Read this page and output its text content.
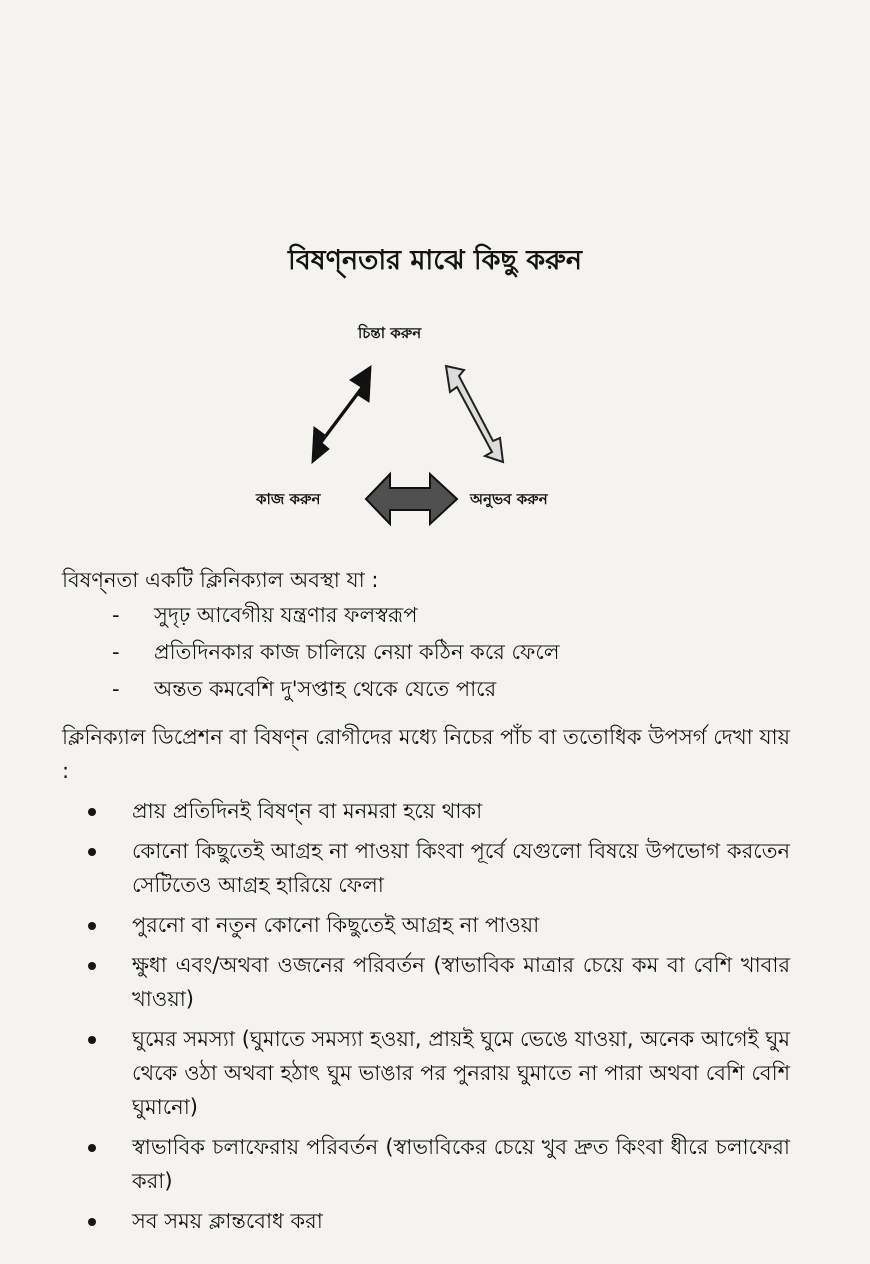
বিষণ্নতার মাঝে কিছু করুন
চিন্তা করুন
কাজ করুন	অনুভব করুন
বিষণ্নতা একটি ক্লিনিক্যাল অবস্থা যা :
- সুদৃঢ় আবেগীয় যন্ত্রণার ফলস্বরূপ
- প্রতিদিনকার কাজ চালিয়ে নেয়া কঠিন করে ফেলে
- অন্তত কমবেশি দু'সপ্তাহ থেকে যেতে পারে
ক্লিনিক্যাল ডিপ্রেশন বা বিষণ্ন রোগীদের মধ্যে নিচের পাঁচ বা ততোধিক উপসর্গ দেখা যায় :
প্রায় প্রতিদিনই বিষণ্ন বা মনমরা হয়ে থাকা
কোনো কিছুতেই আগ্রহ না পাওয়া কিংবা পূর্বে যেগুলো বিষয়ে উপভোগ করতেন সেটিতেও আগ্রহ হারিয়ে ফেলা
পুরনো বা নতুন কোনো কিছুতেই আগ্রহ না পাওয়া
ক্ষুধা এবং/অথবা ওজনের পরিবর্তন (স্বাভাবিক মাত্রার চেয়ে কম বা বেশি খাবার খাওয়া)
ঘুমের সমস্যা (ঘুমাতে সমস্যা হওয়া, প্রায়ই ঘুমে ভেঙে যাওয়া, অনেক আগেই ঘুম থেকে ওঠা অথবা হঠাৎ ঘুম ভাঙার পর পুনরায় ঘুমাতে না পারা অথবা বেশি বেশি ঘুমানো)
স্বাভাবিক চলাফেরায় পরিবর্তন (স্বাভাবিকের চেয়ে খুব দ্রুত কিংবা ধীরে চলাফেরা করা)
সব সময় ক্লান্তবোধ করা
